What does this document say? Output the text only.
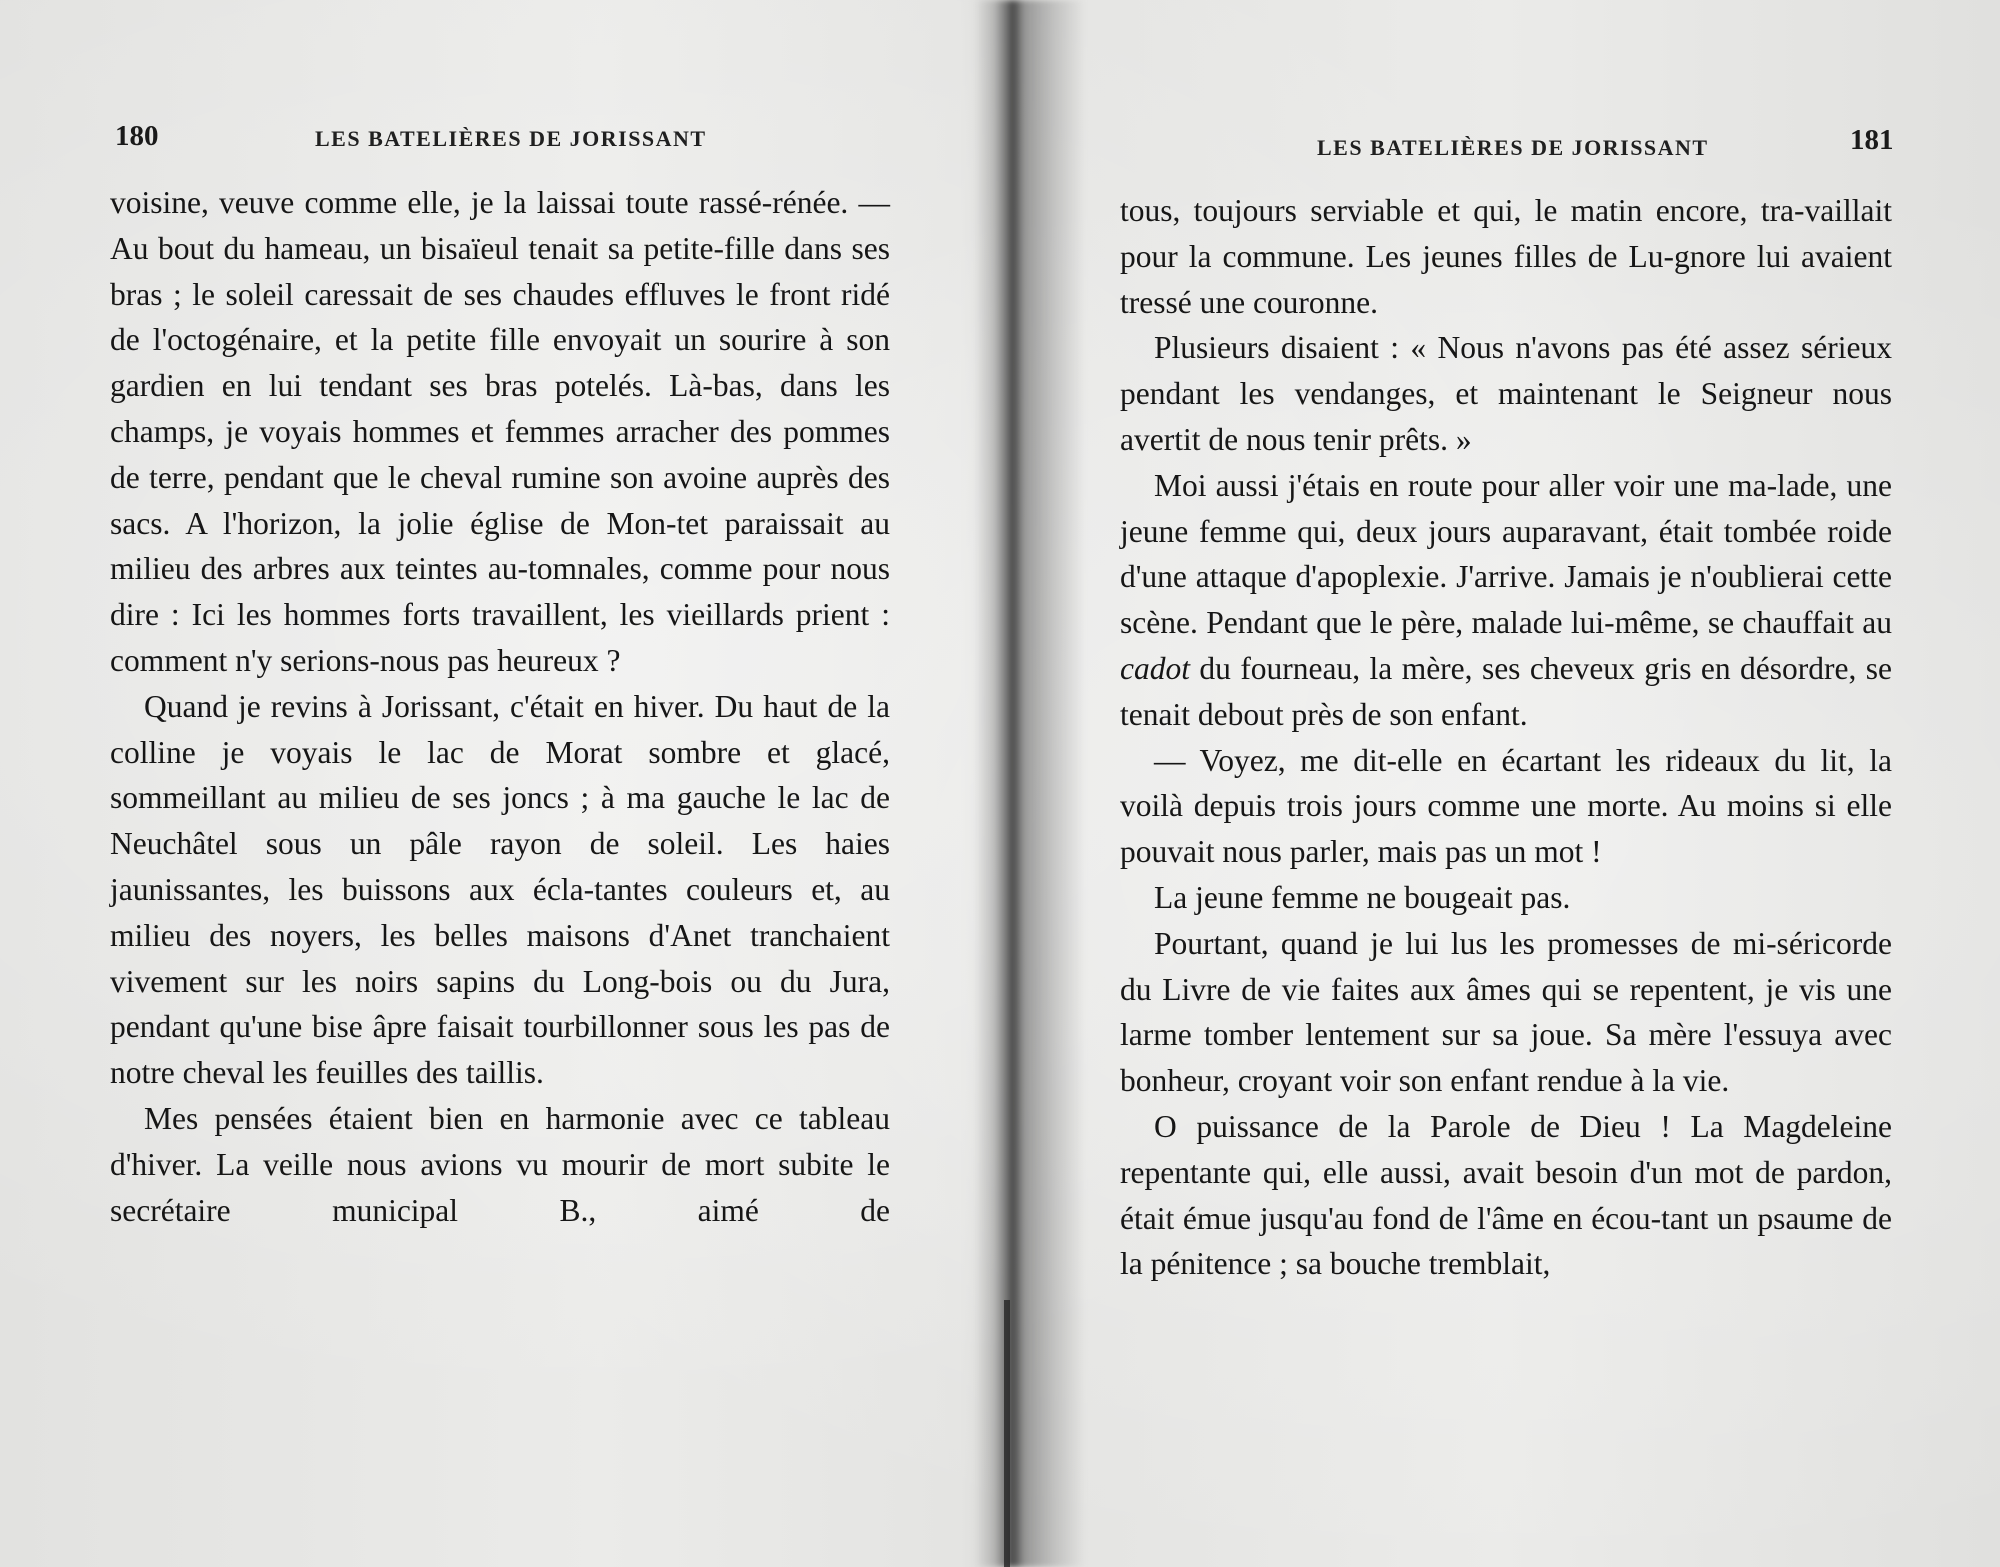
180	LES BATELIÈRES DE JORISSANT

voisine, veuve comme elle, je la laissai toute rassé-rénée. — Au bout du hameau, un bisaïeul tenait sa petite-fille dans ses bras ; le soleil caressait de ses chaudes effluves le front ridé de l'octogénaire, et la petite fille envoyait un sourire à son gardien en lui tendant ses bras potelés. Là-bas, dans les champs, je voyais hommes et femmes arracher des pommes de terre, pendant que le cheval rumine son avoine auprès des sacs. A l'horizon, la jolie église de Mon-tet paraissait au milieu des arbres aux teintes au-tomnales, comme pour nous dire : Ici les hommes forts travaillent, les vieillards prient : comment n'y serions-nous pas heureux ?

Quand je revins à Jorissant, c'était en hiver. Du haut de la colline je voyais le lac de Morat sombre et glacé, sommeillant au milieu de ses joncs ; à ma gauche le lac de Neuchâtel sous un pâle rayon de soleil. Les haies jaunissantes, les buissons aux écla-tantes couleurs et, au milieu des noyers, les belles maisons d'Anet tranchaient vivement sur les noirs sapins du Long-bois ou du Jura, pendant qu'une bise âpre faisait tourbillonner sous les pas de notre cheval les feuilles des taillis.

Mes pensées étaient bien en harmonie avec ce tableau d'hiver. La veille nous avions vu mourir de mort subite le secrétaire municipal B., aimé de

LES BATELIÈRES DE JORISSANT	181

tous, toujours serviable et qui, le matin encore, tra-vaillait pour la commune. Les jeunes filles de Lu-gnore lui avaient tressé une couronne.

Plusieurs disaient : « Nous n'avons pas été assez sérieux pendant les vendanges, et maintenant le Seigneur nous avertit de nous tenir prêts. »

Moi aussi j'étais en route pour aller voir une ma-lade, une jeune femme qui, deux jours auparavant, était tombée roide d'une attaque d'apoplexie. J'arrive. Jamais je n'oublierai cette scène. Pendant que le père, malade lui-même, se chauffait au cadot du fourneau, la mère, ses cheveux gris en désordre, se tenait debout près de son enfant.

— Voyez, me dit-elle en écartant les rideaux du lit, la voilà depuis trois jours comme une morte. Au moins si elle pouvait nous parler, mais pas un mot !

La jeune femme ne bougeait pas.

Pourtant, quand je lui lus les promesses de mi-séricorde du Livre de vie faites aux âmes qui se repentent, je vis une larme tomber lentement sur sa joue. Sa mère l'essuya avec bonheur, croyant voir son enfant rendue à la vie.

O puissance de la Parole de Dieu ! La Magdeleine repentante qui, elle aussi, avait besoin d'un mot de pardon, était émue jusqu'au fond de l'âme en écou-tant un psaume de la pénitence ; sa bouche tremblait,
